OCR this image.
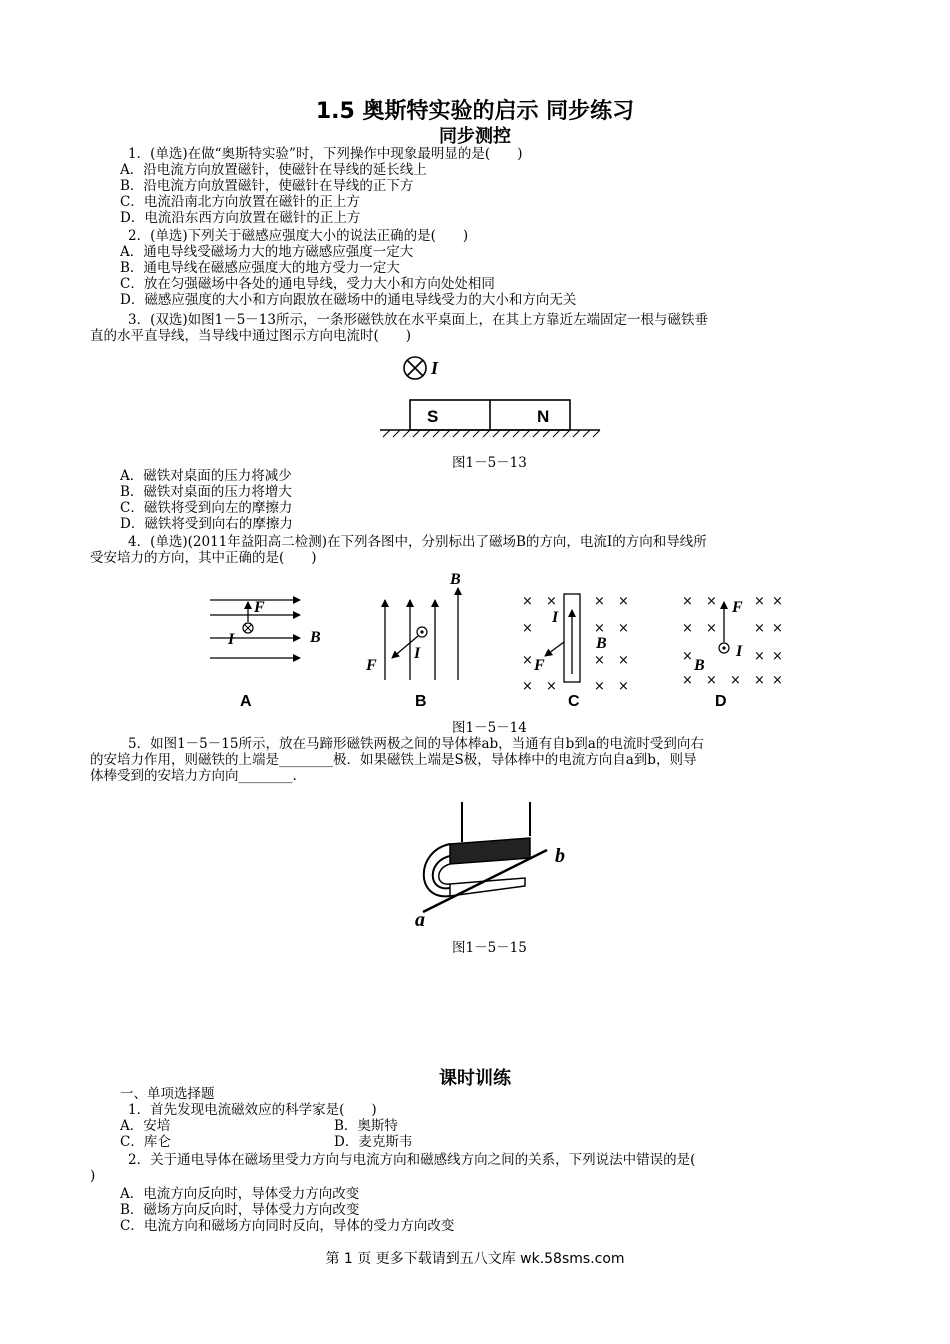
1.5 奥斯特实验的启示 同步练习
同步测控
1．(单选)在做“奥斯特实验”时，下列操作中现象最明显的是(　　)
A．沿电流方向放置磁针，使磁针在导线的延长线上
B．沿电流方向放置磁针，使磁针在导线的正下方
C．电流沿南北方向放置在磁针的正上方
D．电流沿东西方向放置在磁针的正上方
2．(单选)下列关于磁感应强度大小的说法正确的是(　　)
A．通电导线受磁场力大的地方磁感应强度一定大
B．通电导线在磁感应强度大的地方受力一定大
C．放在匀强磁场中各处的通电导线，受力大小和方向处处相同
D．磁感应强度的大小和方向跟放在磁场中的通电导线受力的大小和方向无关
3．(双选)如图1－5－13所示，一条形磁铁放在水平桌面上，在其上方靠近左端固定一根与磁铁垂
直的水平直导线，当导线中通过图示方向电流时(　　)
I
S	N
图1－5－13
A．磁铁对桌面的压力将减少
B．磁铁对桌面的压力将增大
C．磁铁将受到向左的摩擦力
D．磁铁将受到向右的摩擦力
4．(单选)(2011年益阳高二检测)在下列各图中，分别标出了磁场B的方向，电流I的方向和导线所
受安培力的方向，其中正确的是(　　)
F
I	B
A
B
F
I
B
× ×	× ×
×	× ×
×	× ×
× ×	× ×
I
B
F
C
× ×	× ×
× ×	× ×
×	× ×
× × × × ×
F
I
B
D
图1－5－14
5．如图1－5－15所示，放在马蹄形磁铁两极之间的导体棒ab，当通有自b到a的电流时受到向右
的安培力作用，则磁铁的上端是________极．如果磁铁上端是S极，导体棒中的电流方向自a到b，则导
体棒受到的安培力方向向________.
b
a
图1－5－15
课时训练
一、单项选择题
1．首先发现电流磁效应的科学家是(　　)
A．安培	B．奥斯特
C．库仑	D．麦克斯韦
2．关于通电导体在磁场里受力方向与电流方向和磁感线方向之间的关系，下列说法中错误的是(
)
A．电流方向反向时，导体受力方向改变
B．磁场方向反向时，导体受力方向改变
C．电流方向和磁场方向同时反向，导体的受力方向改变
第 1 页 更多下载请到五八文库 wk.58sms.com
